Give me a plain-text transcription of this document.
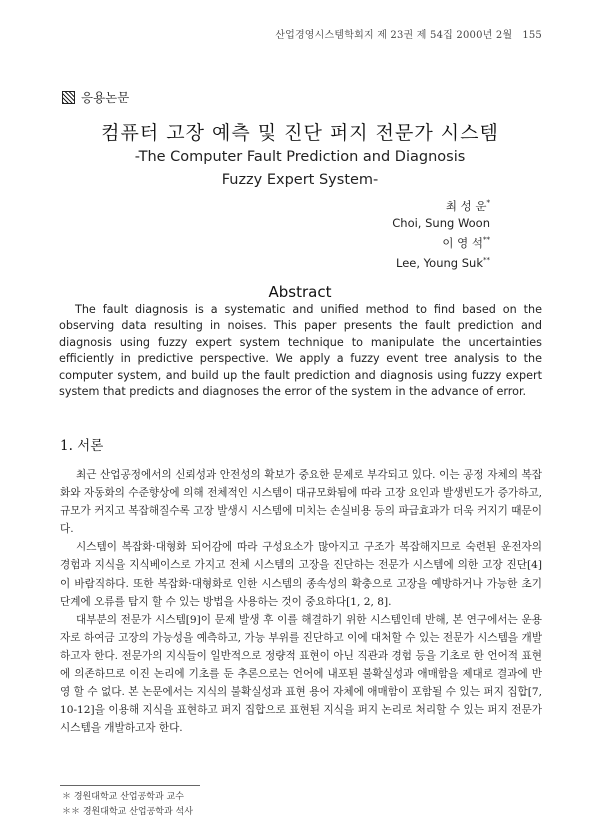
산업경영시스템학회지 제 23권 제 54집 2000년 2월 155
응용논문
컴퓨터 고장 예측 및 진단 퍼지 전문가 시스템
-The Computer Fault Prediction and Diagnosis
Fuzzy Expert System-
최 성 운*
Choi, Sung Woon
이 영 석**
Lee, Young Suk**
Abstract

The fault diagnosis is a systematic and unified method to find based on the observing data resulting in noises. This paper presents the fault prediction and diagnosis using fuzzy expert system technique to manipulate the uncertainties efficiently in predictive perspective. We apply a fuzzy event tree analysis to the computer system, and build up the fault prediction and diagnosis using fuzzy expert system that predicts and diagnoses the error of the system in the advance of error.

1. 서론

최근 산업공정에서의 신뢰성과 안전성의 확보가 중요한 문제로 부각되고 있다. 이는 공정 자체의 복잡화와 자동화의 수준향상에 의해 전체적인 시스템이 대규모화됨에 따라 고장 요인과 발생빈도가 증가하고, 규모가 커지고 복잡해질수록 고장 발생시 시스템에 미치는 손실비용 등의 파급효과가 더욱 커지기 때문이다.

시스템이 복잡화·대형화 되어감에 따라 구성요소가 많아지고 구조가 복잡해지므로 숙련된 운전자의 경험과 지식을 지식베이스로 가지고 전체 시스템의 고장을 진단하는 전문가 시스템에 의한 고장 진단[4]이 바람직하다. 또한 복잡화·대형화로 인한 시스템의 종속성의 확충으로 고장을 예방하거나 가능한 초기 단계에 오류를 탐지 할 수 있는 방법을 사용하는 것이 중요하다[1, 2, 8].

대부분의 전문가 시스템[9]이 문제 발생 후 이를 해결하기 위한 시스템인데 반해, 본 연구에서는 운용자로 하여금 고장의 가능성을 예측하고, 가능 부위를 진단하고 이에 대처할 수 있는 전문가 시스템을 개발하고자 한다. 전문가의 지식들이 일반적으로 정량적 표현이 아닌 직관과 경험 등을 기초로 한 언어적 표현에 의존하므로 이진 논리에 기초를 둔 추론으로는 언어에 내포된 불확실성과 애매함을 제대로 결과에 반영 할 수 없다. 본 논문에서는 지식의 불확실성과 표현 용어 자체에 애매함이 포함될 수 있는 퍼지 집합[7, 10-12]을 이용해 지식을 표현하고 퍼지 집합으로 표현된 지식을 퍼지 논리로 처리할 수 있는 퍼지 전문가 시스템을 개발하고자 한다.

＊ 경원대학교 산업공학과 교수
＊＊ 경원대학교 산업공학과 석사
